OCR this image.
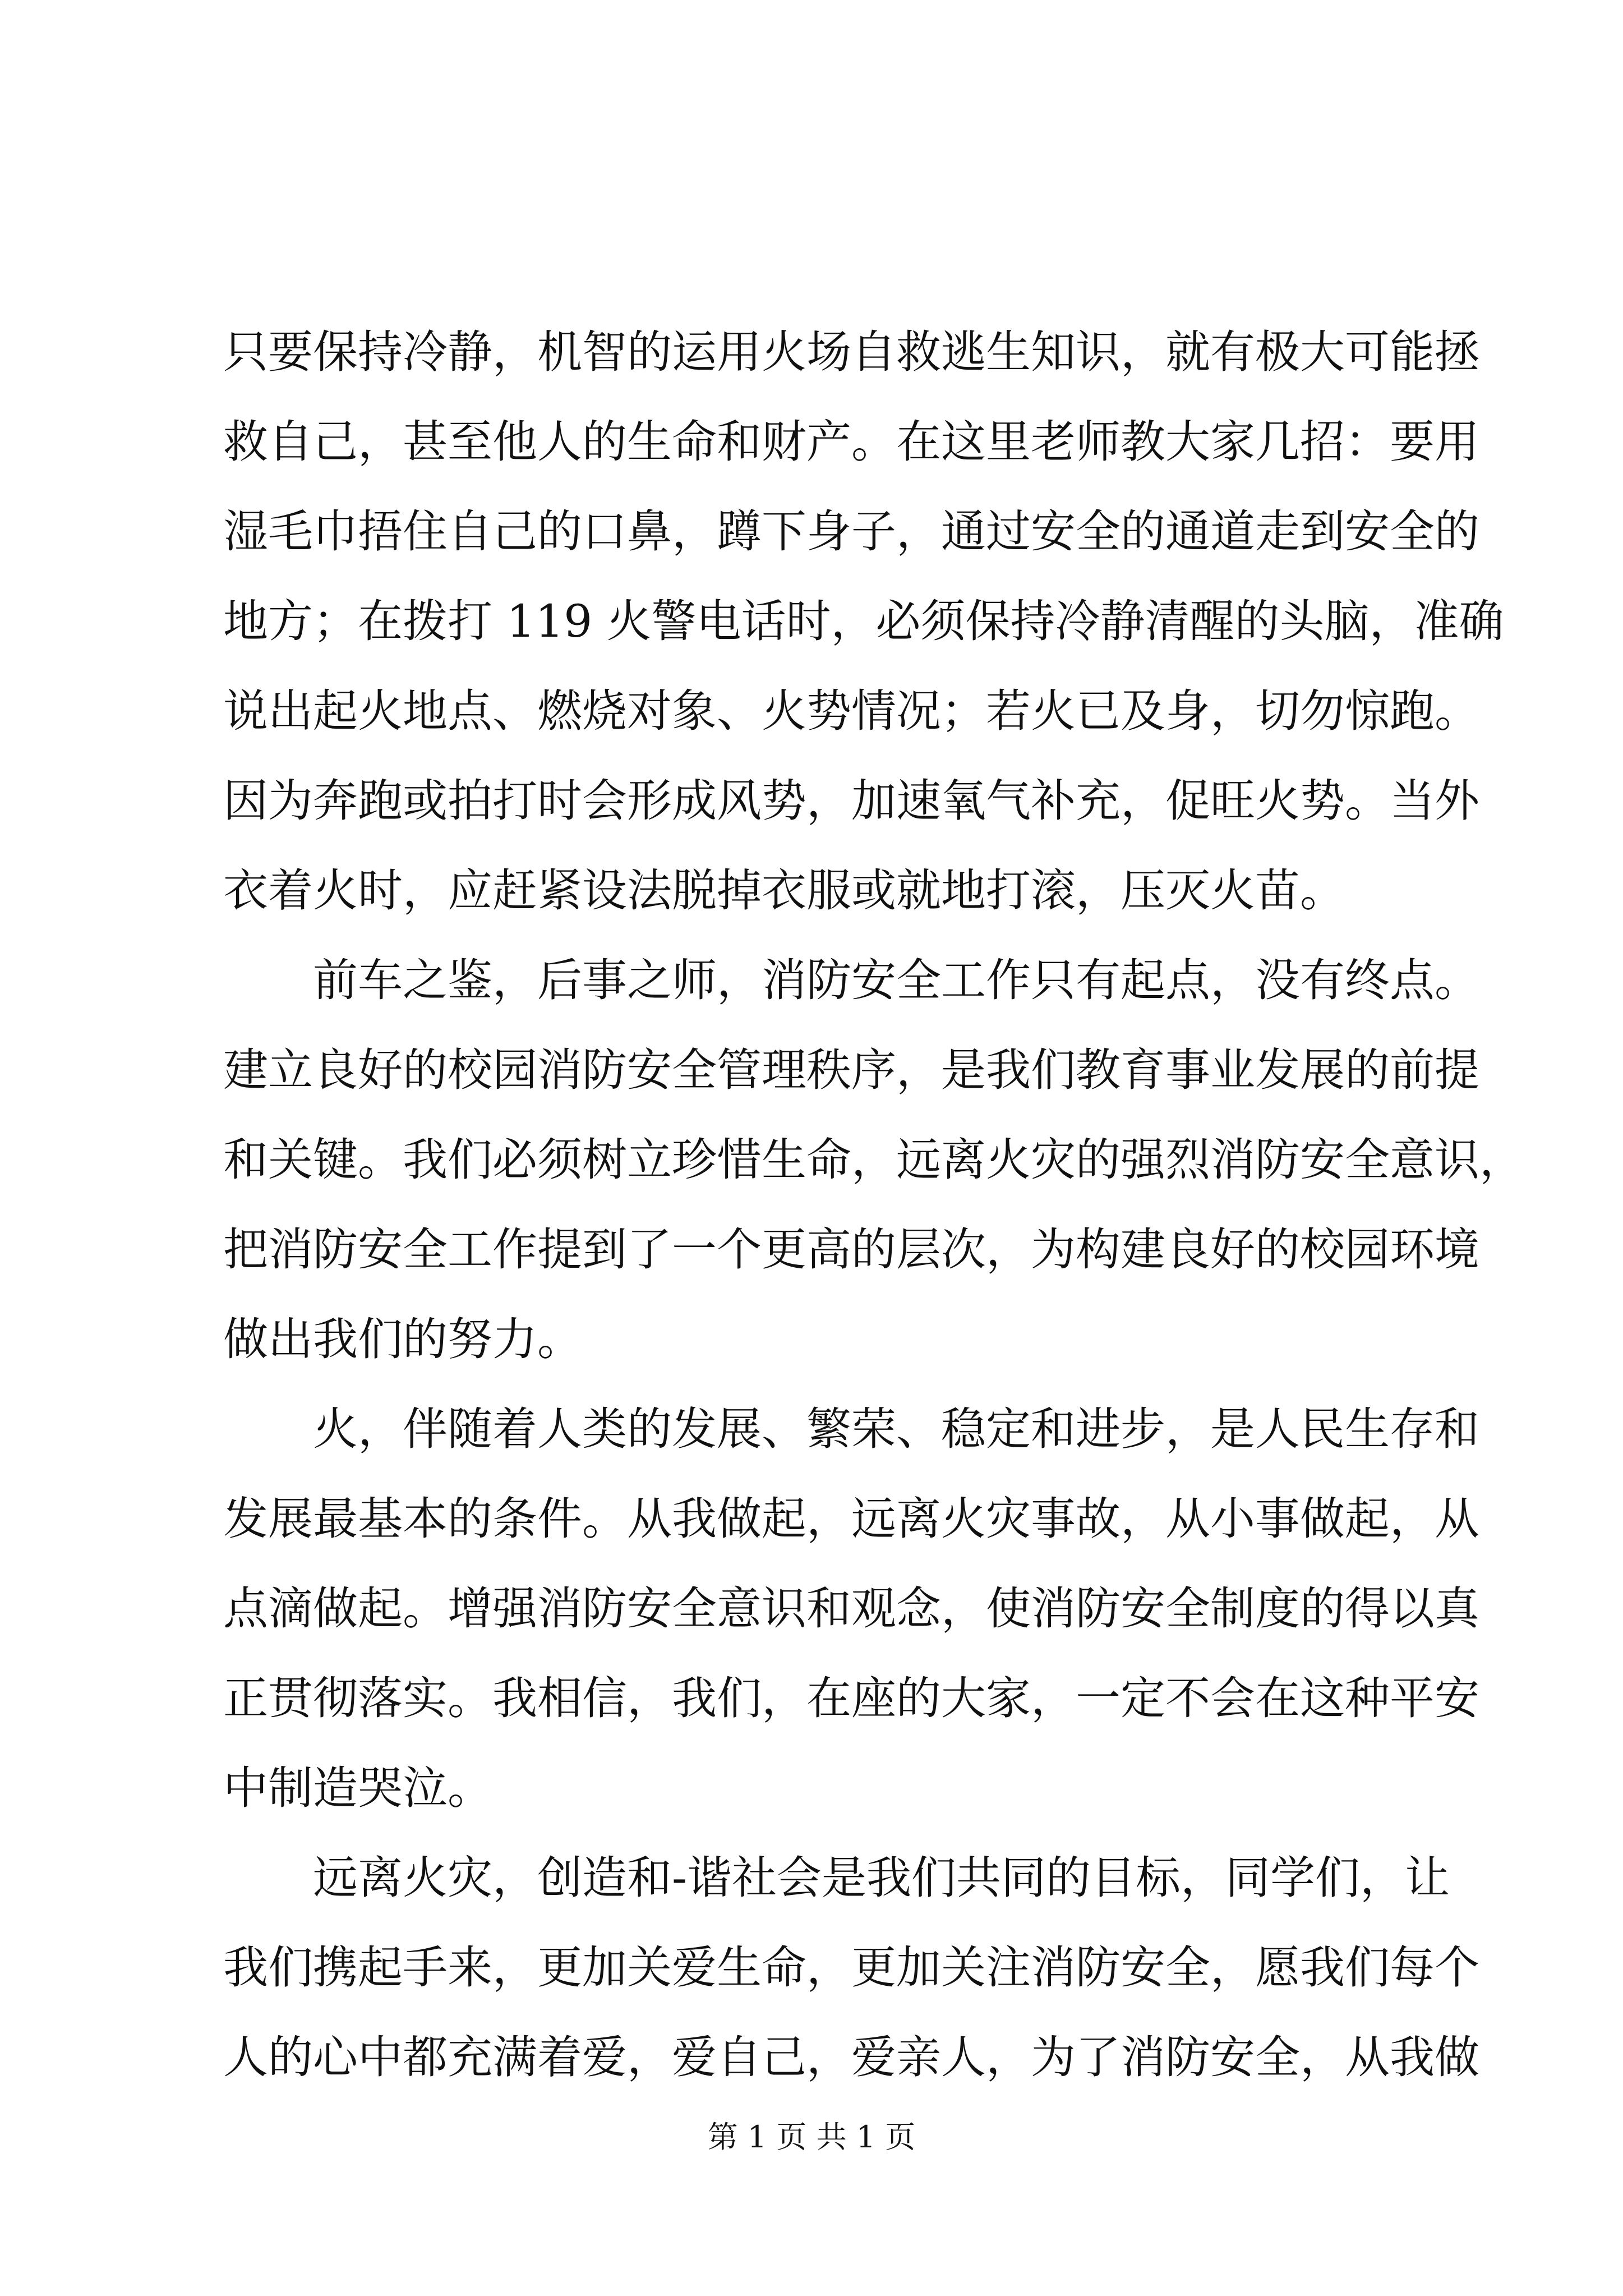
只要保持冷静，机智的运用火场自救逃生知识，就有极大可能拯
救自己，甚至他人的生命和财产。在这里老师教大家几招：要用
湿毛巾捂住自己的口鼻，蹲下身子，通过安全的通道走到安全的
地方；在拨打 119 火警电话时，必须保持冷静清醒的头脑，准确
说出起火地点、燃烧对象、火势情况；若火已及身，切勿惊跑。
因为奔跑或拍打时会形成风势，加速氧气补充，促旺火势。当外
衣着火时，应赶紧设法脱掉衣服或就地打滚，压灭火苗。
前车之鉴，后事之师，消防安全工作只有起点，没有终点。
建立良好的校园消防安全管理秩序，是我们教育事业发展的前提
和关键。我们必须树立珍惜生命，远离火灾的强烈消防安全意识，
把消防安全工作提到了一个更高的层次，为构建良好的校园环境
做出我们的努力。
火，伴随着人类的发展、繁荣、稳定和进步，是人民生存和
发展最基本的条件。从我做起，远离火灾事故，从小事做起，从
点滴做起。增强消防安全意识和观念，使消防安全制度的得以真
正贯彻落实。我相信，我们，在座的大家，一定不会在这种平安
中制造哭泣。
远离火灾，创造和-谐社会是我们共同的目标，同学们，让
我们携起手来，更加关爱生命，更加关注消防安全，愿我们每个
人的心中都充满着爱，爱自己，爱亲人，为了消防安全，从我做
第 1 页 共 1 页
